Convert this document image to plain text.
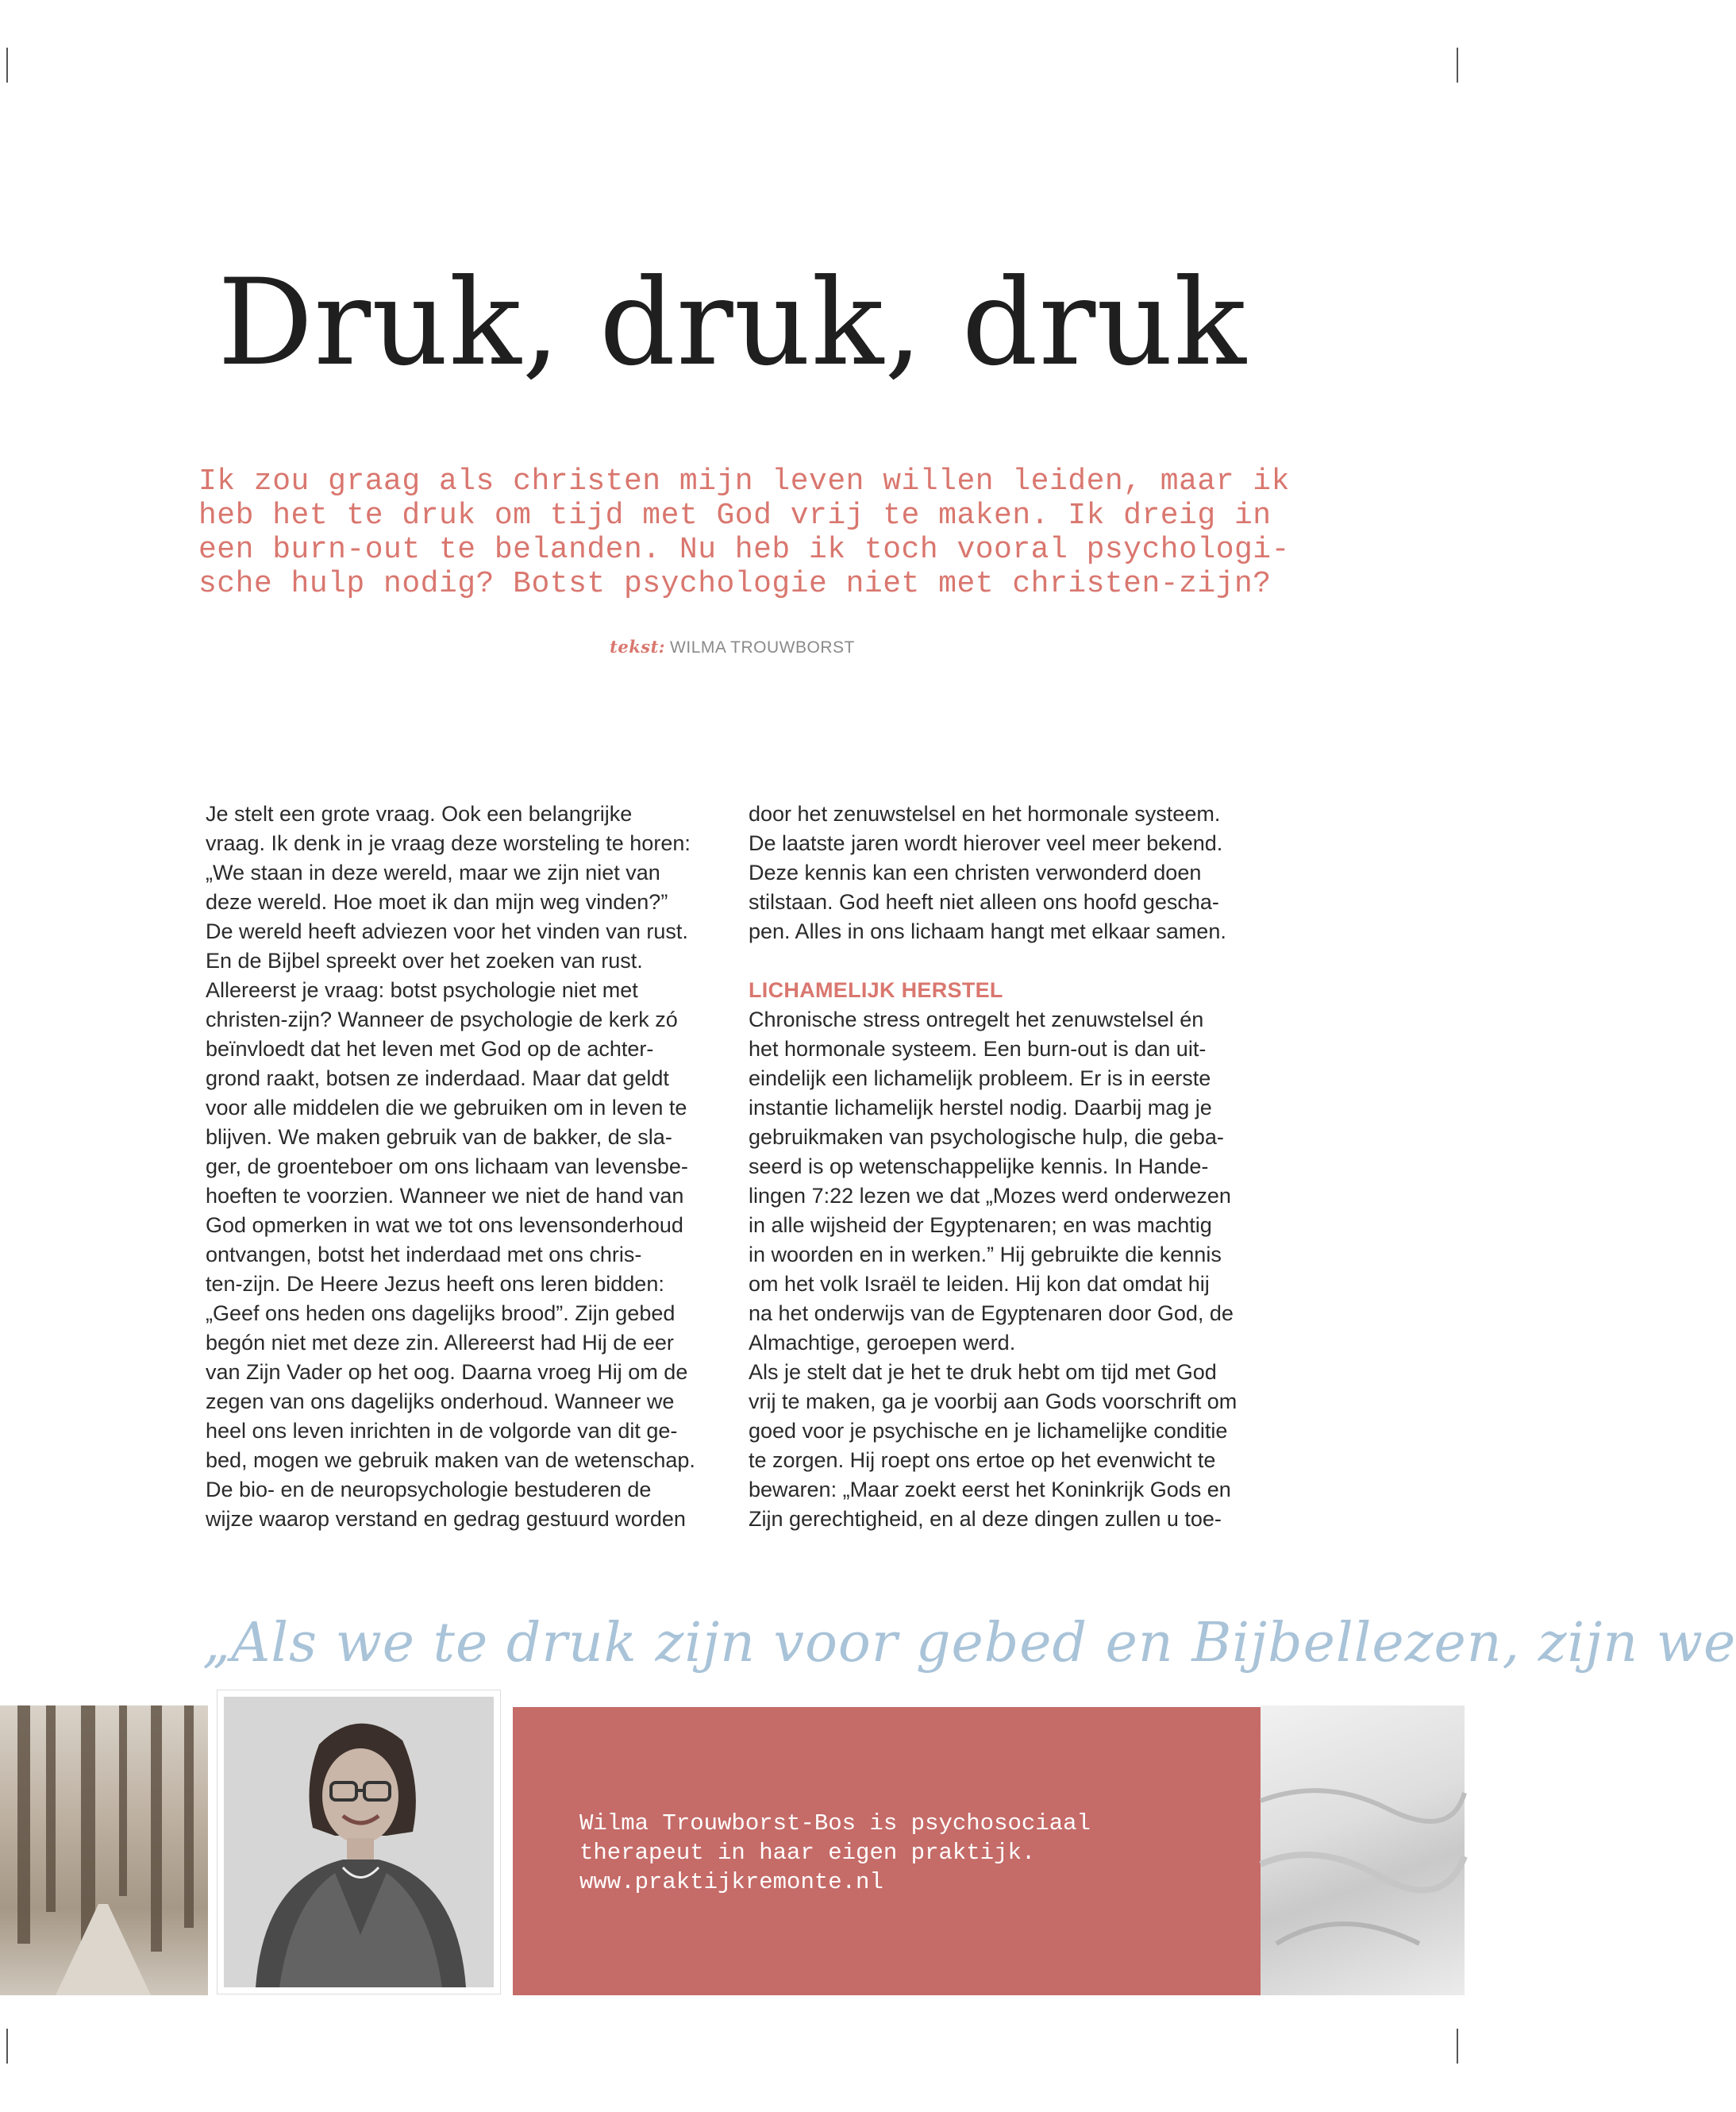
Druk, druk, druk
Ik zou graag als christen mijn leven willen leiden, maar ik
heb het te druk om tijd met God vrij te maken. Ik dreig in
een burn-out te belanden. Nu heb ik toch vooral psychologi-
sche hulp nodig? Botst psychologie niet met christen-zijn?
tekst: WILMA TROUWBORST
Je stelt een grote vraag. Ook een belangrijke
vraag. Ik denk in je vraag deze worsteling te horen:
„We staan in deze wereld, maar we zijn niet van
deze wereld. Hoe moet ik dan mijn weg vinden?”
De wereld heeft adviezen voor het vinden van rust.
En de Bijbel spreekt over het zoeken van rust.
Allereerst je vraag: botst psychologie niet met
christen-zijn? Wanneer de psychologie de kerk zó
beïnvloedt dat het leven met God op de achter-
grond raakt, botsen ze inderdaad. Maar dat geldt
voor alle middelen die we gebruiken om in leven te
blijven. We maken gebruik van de bakker, de sla-
ger, de groenteboer om ons lichaam van levensbe-
hoeften te voorzien. Wanneer we niet de hand van
God opmerken in wat we tot ons levensonderhoud
ontvangen, botst het inderdaad met ons chris-
ten-zijn. De Heere Jezus heeft ons leren bidden:
„Geef ons heden ons dagelijks brood”. Zijn gebed
begón niet met deze zin. Allereerst had Hij de eer
van Zijn Vader op het oog. Daarna vroeg Hij om de
zegen van ons dagelijks onderhoud. Wanneer we
heel ons leven inrichten in de volgorde van dit ge-
bed, mogen we gebruik maken van de wetenschap.
De bio- en de neuropsychologie bestuderen de
wijze waarop verstand en gedrag gestuurd worden
door het zenuwstelsel en het hormonale systeem.
De laatste jaren wordt hierover veel meer bekend.
Deze kennis kan een christen verwonderd doen
stilstaan. God heeft niet alleen ons hoofd gescha-
pen. Alles in ons lichaam hangt met elkaar samen.
LICHAMELIJK HERSTEL
Chronische stress ontregelt het zenuwstelsel én
het hormonale systeem. Een burn-out is dan uit-
eindelijk een lichamelijk probleem. Er is in eerste
instantie lichamelijk herstel nodig. Daarbij mag je
gebruikmaken van psychologische hulp, die geba-
seerd is op wetenschappelijke kennis. In Hande-
lingen 7:22 lezen we dat „Mozes werd onderwezen
in alle wijsheid der Egyptenaren; en was machtig
in woorden en in werken.” Hij gebruikte die kennis
om het volk Israël te leiden. Hij kon dat omdat hij
na het onderwijs van de Egyptenaren door God, de
Almachtige, geroepen werd.
Als je stelt dat je het te druk hebt om tijd met God
vrij te maken, ga je voorbij aan Gods voorschrift om
goed voor je psychische en je lichamelijke conditie
te zorgen. Hij roept ons ertoe op het evenwicht te
bewaren: „Maar zoekt eerst het Koninkrijk Gods en
Zijn gerechtigheid, en al deze dingen zullen u toe-
„Als we te druk zijn voor gebed en Bijbellezen, zijn we
Wilma Trouwborst-Bos is psychosociaal
therapeut in haar eigen praktijk.
www.praktijkremonte.nl
